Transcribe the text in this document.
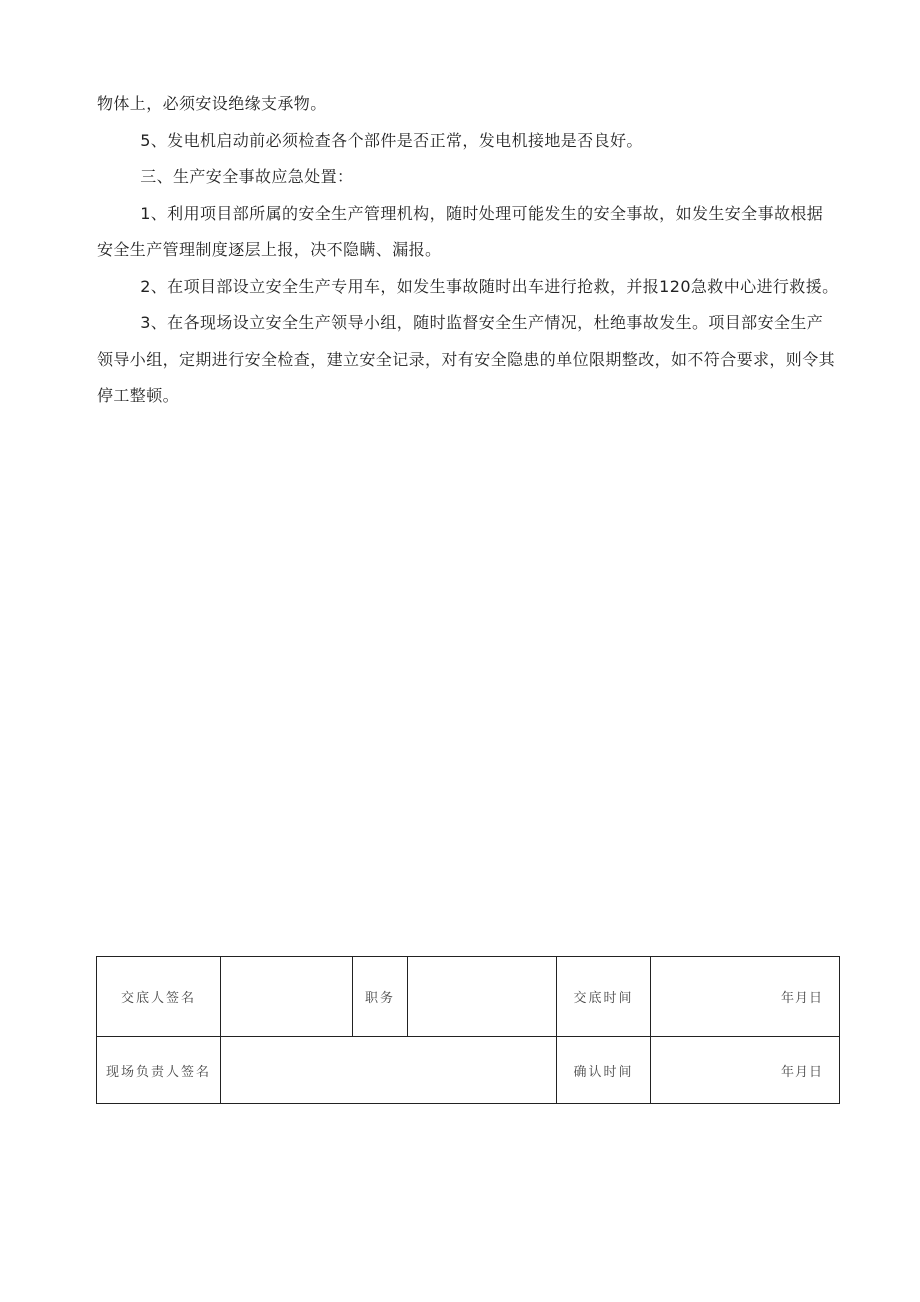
物体上，必须安设绝缘支承物。

5、发电机启动前必须检查各个部件是否正常，发电机接地是否良好。

三、生产安全事故应急处置：

1、利用项目部所属的安全生产管理机构，随时处理可能发生的安全事故，如发生安全事故根据安全生产管理制度逐层上报，决不隐瞒、漏报。

2、在项目部设立安全生产专用车，如发生事故随时出车进行抢救，并报120急救中心进行救援。

3、在各现场设立安全生产领导小组，随时监督安全生产情况，杜绝事故发生。项目部安全生产领导小组，定期进行安全检查，建立安全记录，对有安全隐患的单位限期整改，如不符合要求，则令其停工整顿。

交底人签名		职务		交底时间	年月日
现场负责人签名				确认时间	年月日
